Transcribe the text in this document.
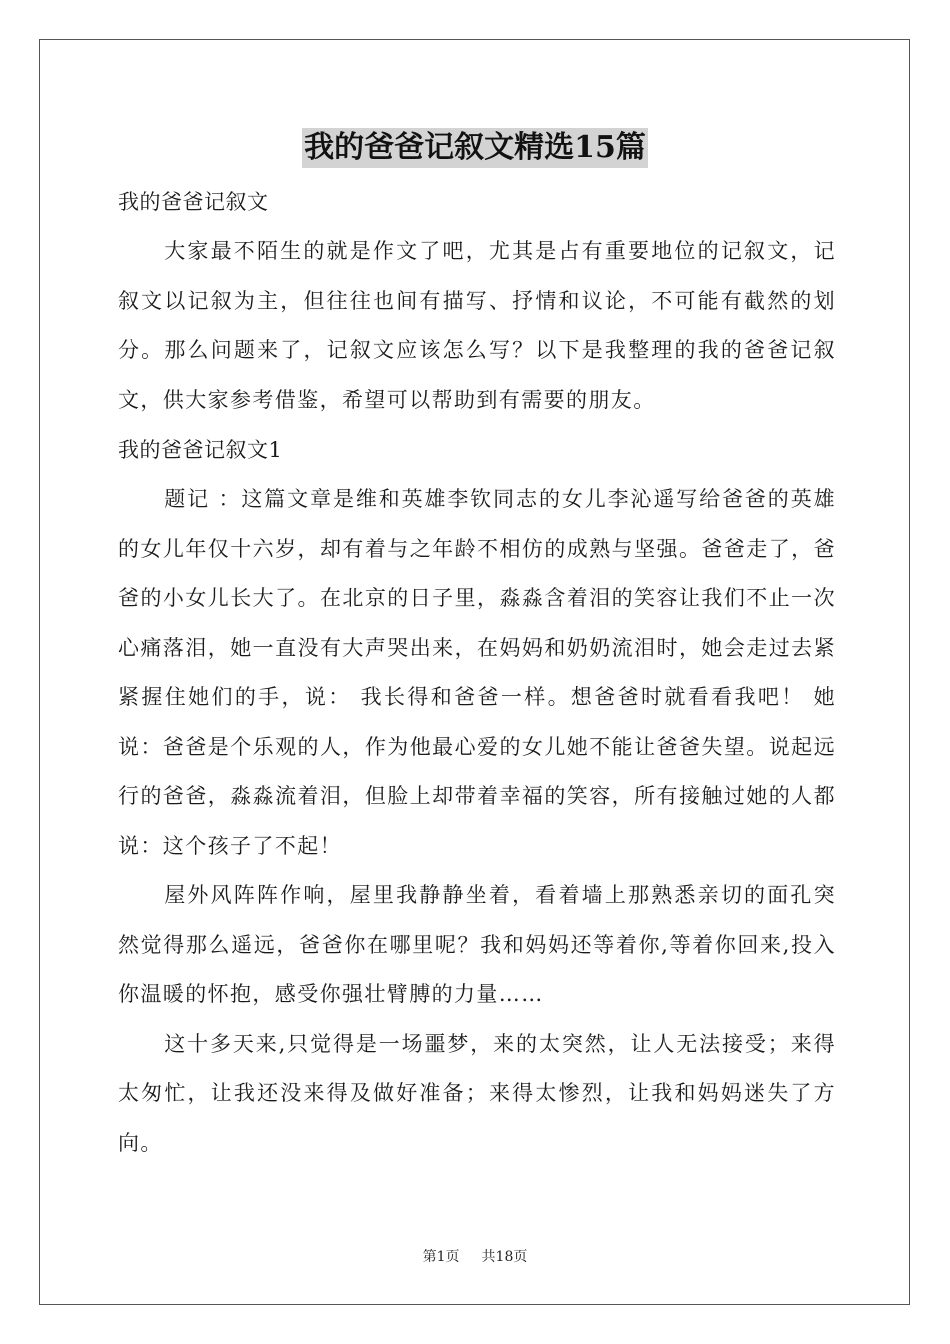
我的爸爸记叙文精选15篇

我的爸爸记叙文

大家最不陌生的就是作文了吧，尤其是占有重要地位的记叙文，记叙文以记叙为主，但往往也间有描写、抒情和议论，不可能有截然的划分。那么问题来了，记叙文应该怎么写？以下是我整理的我的爸爸记叙文，供大家参考借鉴，希望可以帮助到有需要的朋友。

我的爸爸记叙文1

题记 ：这篇文章是维和英雄李钦同志的女儿李沁遥写给爸爸的英雄的女儿年仅十六岁，却有着与之年龄不相仿的成熟与坚强。爸爸走了，爸爸的小女儿长大了。在北京的日子里，淼淼含着泪的笑容让我们不止一次心痛落泪，她一直没有大声哭出来，在妈妈和奶奶流泪时，她会走过去紧紧握住她们的手，说： 我长得和爸爸一样。想爸爸时就看看我吧！ 她说：爸爸是个乐观的人，作为他最心爱的女儿她不能让爸爸失望。说起远行的爸爸，淼淼流着泪，但脸上却带着幸福的笑容，所有接触过她的人都说：这个孩子了不起！

屋外风阵阵作响，屋里我静静坐着，看着墙上那熟悉亲切的面孔突然觉得那么遥远，爸爸你在哪里呢？我和妈妈还等着你,等着你回来,投入你温暖的怀抱，感受你强壮臂膊的力量……

这十多天来,只觉得是一场噩梦，来的太突然，让人无法接受；来得太匆忙，让我还没来得及做好准备；来得太惨烈，让我和妈妈迷失了方向。

第1页 共18页
